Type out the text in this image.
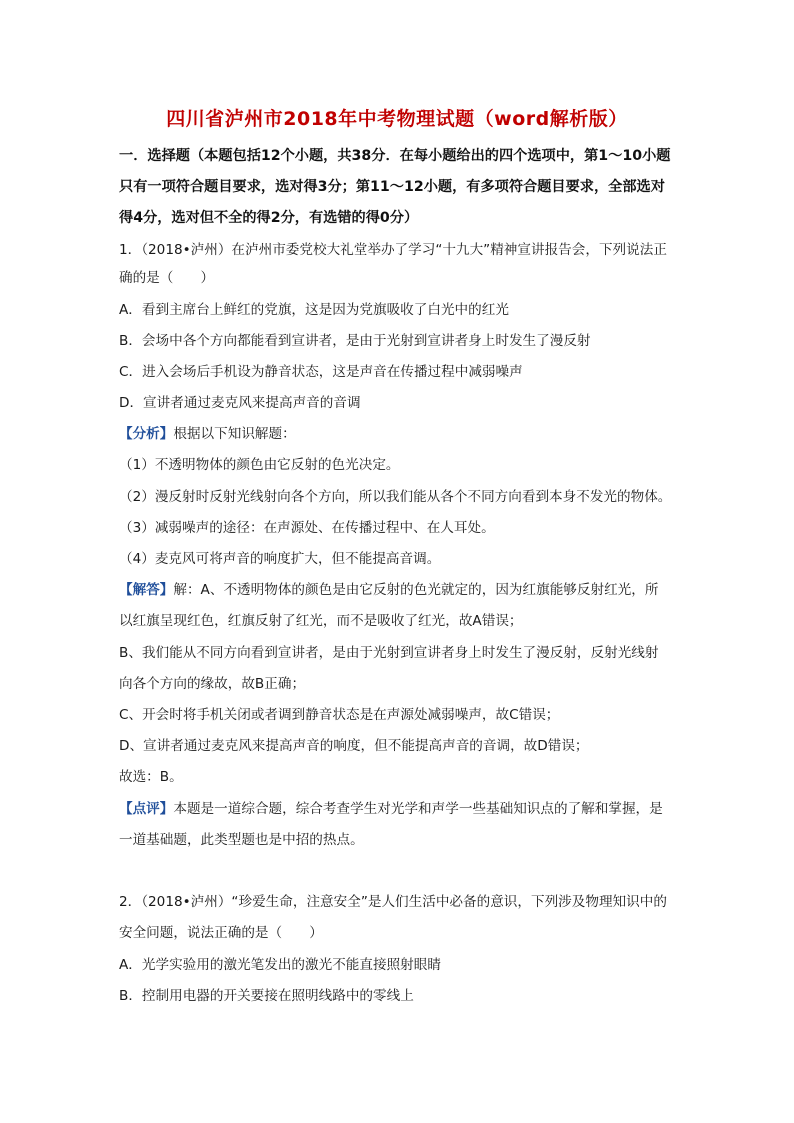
四川省泸州市2018年中考物理试题（word解析版）
一．选择题（本题包括12个小题，共38分．在每小题给出的四个选项中，第1～10小题只有一项符合题目要求，选对得3分；第11～12小题，有多项符合题目要求，全部选对得4分，选对但不全的得2分，有选错的得0分）
1．（2018•泸州）在泸州市委党校大礼堂举办了学习“十九大”精神宣讲报告会，下列说法正
确的是（　　）
A．看到主席台上鲜红的党旗，这是因为党旗吸收了白光中的红光
B．会场中各个方向都能看到宣讲者，是由于光射到宣讲者身上时发生了漫反射
C．进入会场后手机设为静音状态，这是声音在传播过程中减弱噪声
D．宣讲者通过麦克风来提高声音的音调
【分析】根据以下知识解题：
（1）不透明物体的颜色由它反射的色光决定。
（2）漫反射时反射光线射向各个方向，所以我们能从各个不同方向看到本身不发光的物体。
（3）减弱噪声的途径：在声源处、在传播过程中、在人耳处。
（4）麦克风可将声音的响度扩大，但不能提高音调。
【解答】解：A、不透明物体的颜色是由它反射的色光就定的，因为红旗能够反射红光，所
以红旗呈现红色，红旗反射了红光，而不是吸收了红光，故A错误；
B、我们能从不同方向看到宣讲者，是由于光射到宣讲者身上时发生了漫反射，反射光线射
向各个方向的缘故，故B正确；
C、开会时将手机关闭或者调到静音状态是在声源处减弱噪声，故C错误；
D、宣讲者通过麦克风来提高声音的响度，但不能提高声音的音调，故D错误；
故选：B。
【点评】本题是一道综合题，综合考查学生对光学和声学一些基础知识点的了解和掌握，是
一道基础题，此类型题也是中招的热点。
2．（2018•泸州）“珍爱生命，注意安全”是人们生活中必备的意识，下列涉及物理知识中的
安全问题，说法正确的是（　　）
A．光学实验用的激光笔发出的激光不能直接照射眼睛
B．控制用电器的开关要接在照明线路中的零线上
